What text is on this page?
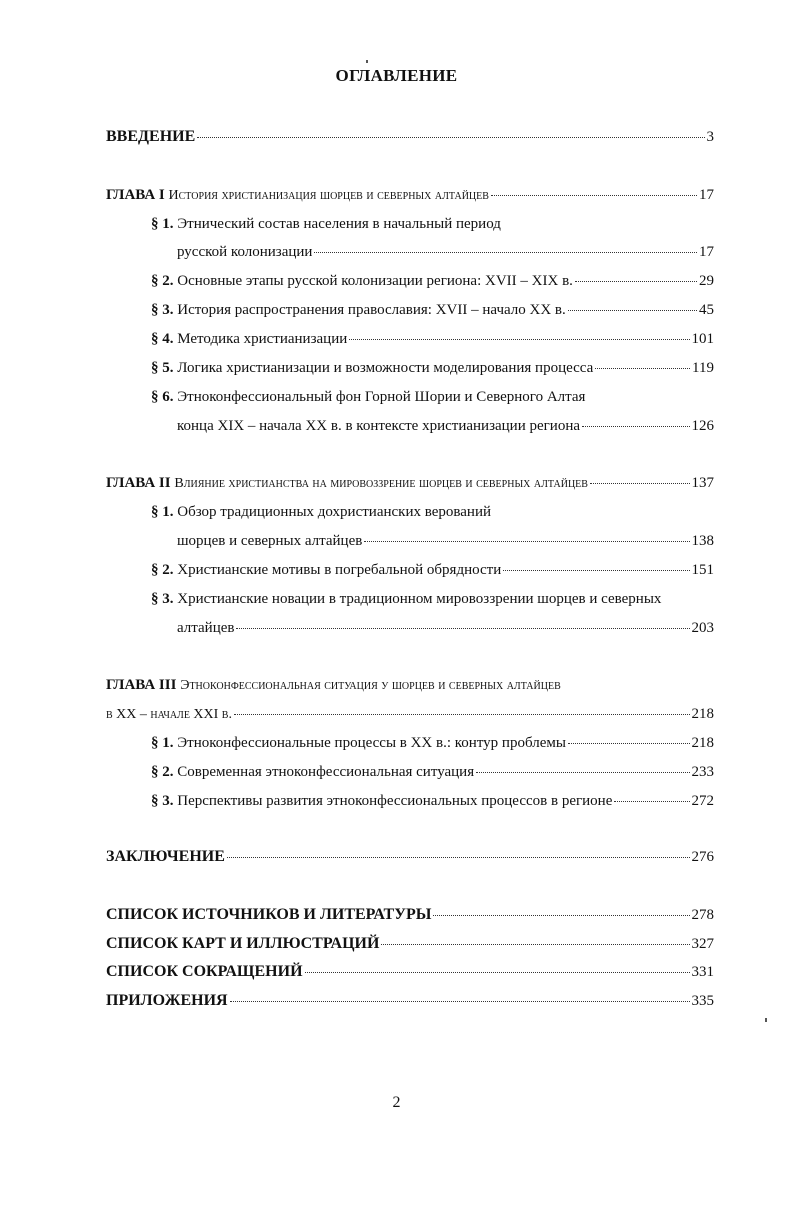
ОГЛАВЛЕНИЕ
ВВЕДЕНИЕ	3
ГЛАВА I История христианизация шорцев и северных алтайцев	17
§ 1. Этнический состав населения в начальный период
русской колонизации	17
§ 2. Основные этапы русской колонизации региона: XVII – XIX в.	29
§ 3. История распространения православия: XVII – начало XX в.	45
§ 4. Методика христианизации	101
§ 5. Логика христианизации и возможности моделирования процесса	119
§ 6. Этноконфессиональный фон Горной Шории и Северного Алтая
конца XIX – начала XX в. в контексте христианизации региона	126
ГЛАВА II Влияние христианства на мировоззрение шорцев и северных алтайцев	137
§ 1. Обзор традиционных дохристианских верований
шорцев и северных алтайцев	138
§ 2. Христианские мотивы в погребальной обрядности	151
§ 3. Христианские новации в традиционном мировоззрении шорцев и северных
алтайцев	203
ГЛАВА III Этноконфессиональная ситуация у шорцев и северных алтайцев
в XX – начале XXI в.	218
§ 1. Этноконфессиональные процессы в XX в.: контур проблемы	218
§ 2. Современная этноконфессиональная ситуация	233
§ 3. Перспективы развития этноконфессиональных процессов в регионе	272
ЗАКЛЮЧЕНИЕ	276
СПИСОК ИСТОЧНИКОВ И ЛИТЕРАТУРЫ	278
СПИСОК КАРТ И ИЛЛЮСТРАЦИЙ	327
СПИСОК СОКРАЩЕНИЙ	331
ПРИЛОЖЕНИЯ	335
2
